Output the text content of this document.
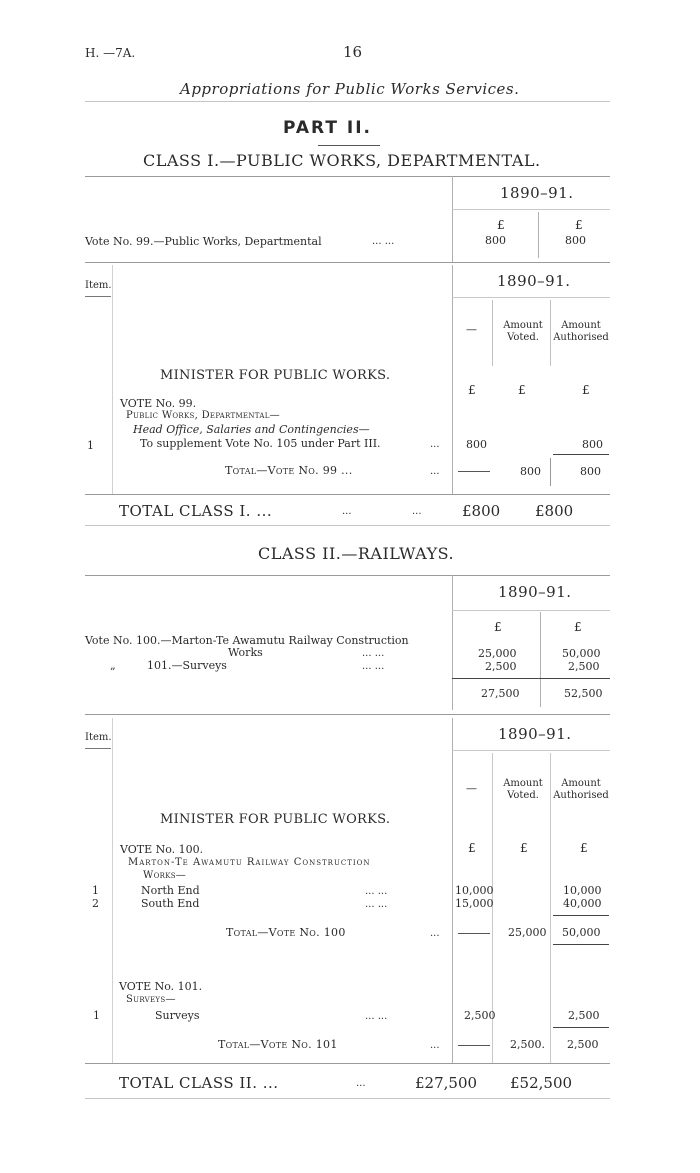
H. —7A.	16
Appropriations for Public Works Services.
PART II.
CLASS I.—PUBLIC WORKS, DEPARTMENTAL.
1890–91.
£	£
Vote No. 99.—Public Works, Departmental	... ...	800	800
Item.	1890–91.
—	Amount
Voted.
Amount
Authorised
MINISTER FOR PUBLIC WORKS.
£	£	£
VOTE No. 99.
Public Works, Departmental—
Head Office, Salaries and Contingencies—
1	To supplement Vote No. 105 under Part III.	... 800	800
Total—Vote No. 99 ...	...	800	800
TOTAL CLASS I. ...	...	...	£800 £800
CLASS II.—RAILWAYS.
1890–91.
£	£
Vote No. 100.—Marton-Te Awamutu Railway Construction
Works	... ...	25,000	50,000
„	101.—Surveys	... ...	2,500	2,500
27,500	52,500
Item.	1890–91.
—	Amount
Voted.
Amount
Authorised
MINISTER FOR PUBLIC WORKS.
£	£	£
VOTE No. 100.
Marton-Te Awamutu Railway Construction
Works—
1	North End	... ...	10,000	10,000
2	South End	... ...	15,000	40,000
Total—Vote No. 100	...	25,000 50,000
VOTE No. 101.
Surveys—
1	Surveys	... ...	2,500	2,500
Total—Vote No. 101	...	2,500. 2,500
TOTAL CLASS II. ...	...	£27,500 £52,500
